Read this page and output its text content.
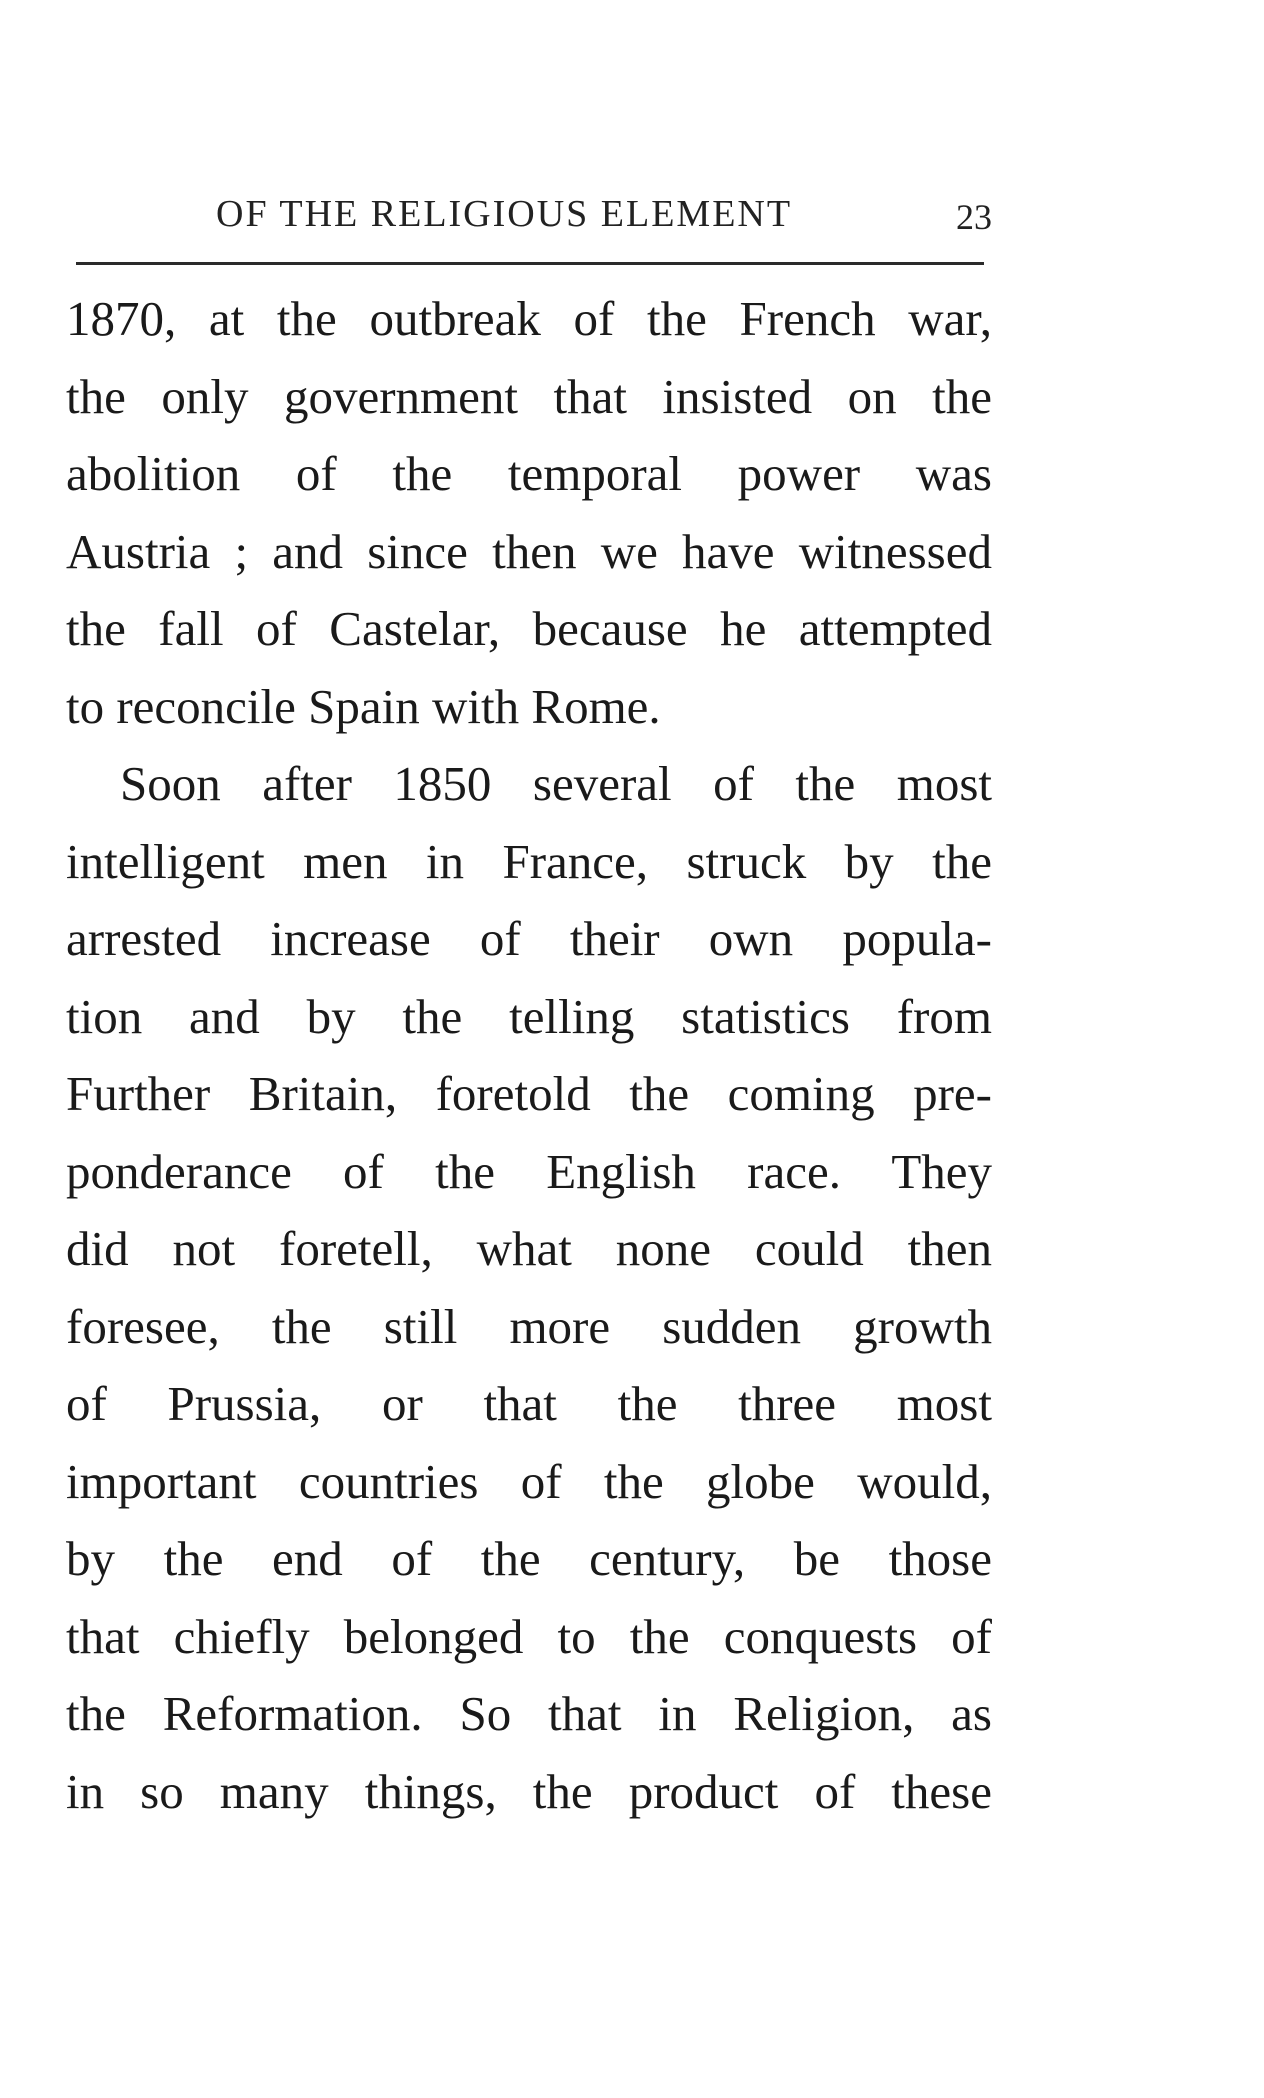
OF THE RELIGIOUS ELEMENT	23
1870, at the outbreak of the French war,
the only government that insisted on the
abolition of the temporal power was
Austria ; and since then we have witnessed
the fall of Castelar, because he attempted
to reconcile Spain with Rome.
Soon after 1850 several of the most
intelligent men in France, struck by the
arrested increase of their own popula-
tion and by the telling statistics from
Further Britain, foretold the coming pre-
ponderance of the English race. They
did not foretell, what none could then
foresee, the still more sudden growth
of Prussia, or that the three most
important countries of the globe would,
by the end of the century, be those
that chiefly belonged to the conquests of
the Reformation. So that in Religion, as
in so many things, the product of these
